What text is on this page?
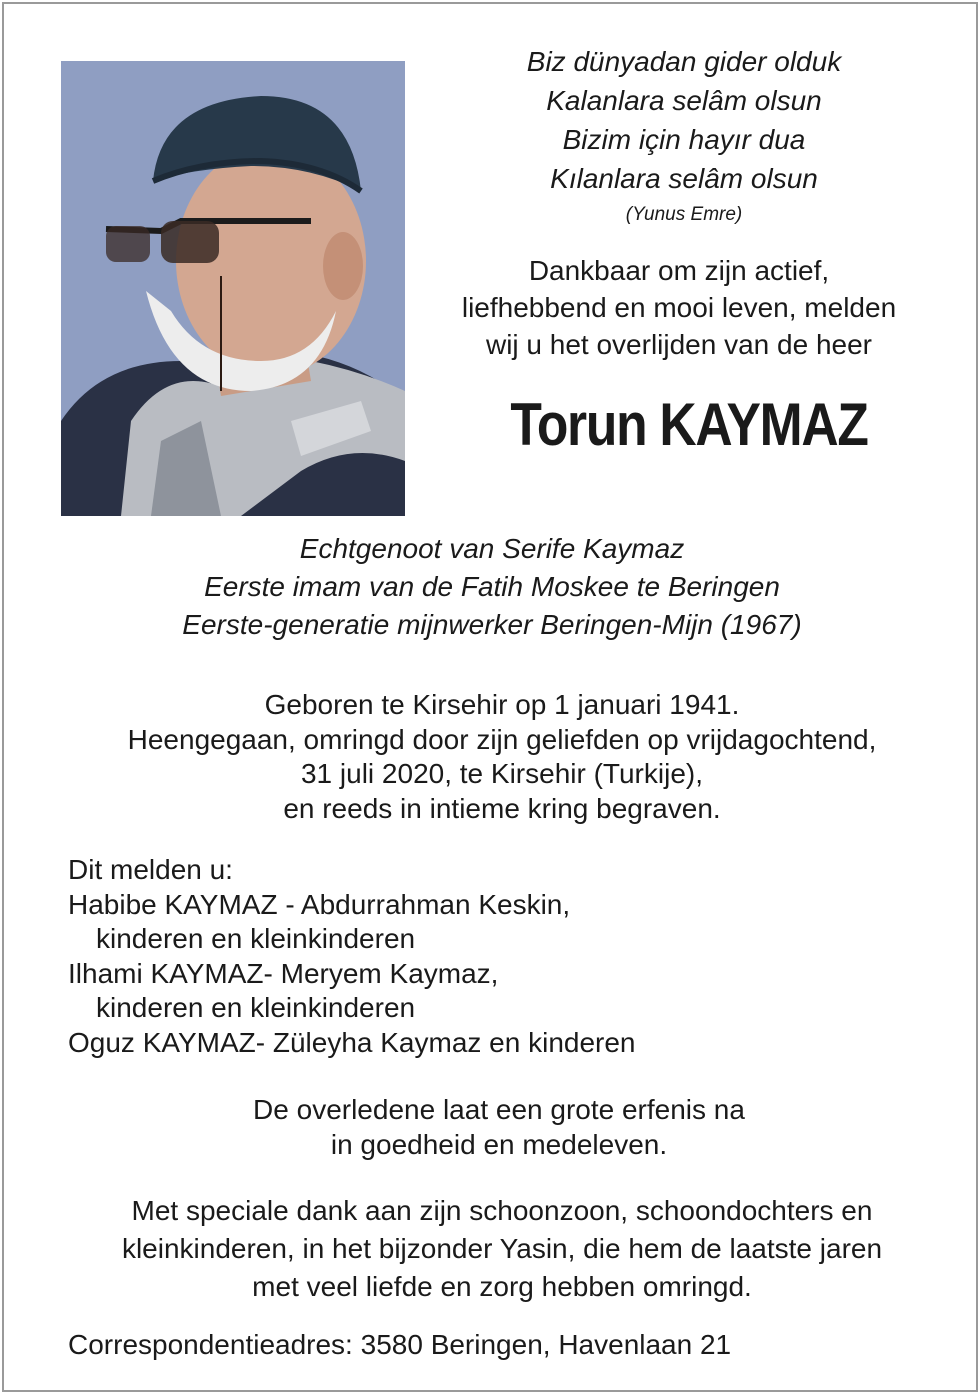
Biz dünyadan gider olduk
Kalanlara selâm olsun
Bizim için hayır dua
Kılanlara selâm olsun
(Yunus Emre)
Dankbaar om zijn actief,
liefhebbend en mooi leven, melden
wij u het overlijden van de heer
Torun KAYMAZ
Echtgenoot van Serife Kaymaz
Eerste imam van de Fatih Moskee te Beringen
Eerste-generatie mijnwerker Beringen-Mijn (1967)
Geboren te Kirsehir op 1 januari 1941.
Heengegaan, omringd door zijn geliefden op vrijdagochtend,
31 juli 2020, te Kirsehir (Turkije),
en reeds in intieme kring begraven.
Dit melden u:
Habibe KAYMAZ - Abdurrahman Keskin,
kinderen en kleinkinderen
Ilhami KAYMAZ- Meryem Kaymaz,
kinderen en kleinkinderen
Oguz KAYMAZ- Züleyha Kaymaz en kinderen
De overledene laat een grote erfenis na
in goedheid en medeleven.
Met speciale dank aan zijn schoonzoon, schoondochters en
kleinkinderen, in het bijzonder Yasin, die hem de laatste jaren
met veel liefde en zorg hebben omringd.
Correspondentieadres: 3580 Beringen, Havenlaan 21
